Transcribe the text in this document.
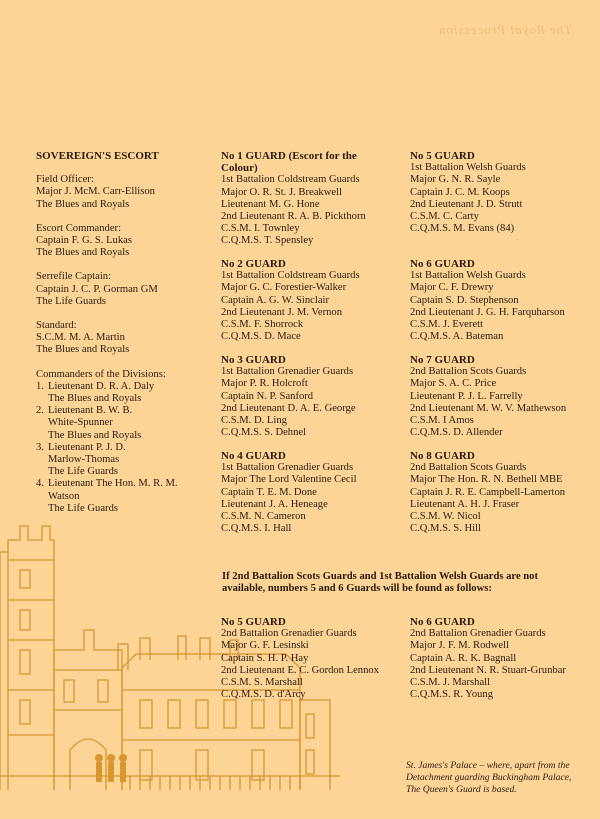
The Royal Procession
SOVEREIGN'S ESCORT
Field Officer:
Major J. McM. Carr-Ellison
The Blues and Royals
Escort Commander:
Captain F. G. S. Lukas
The Blues and Royals
Serrefile Captain:
Captain J. C. P. Gorman GM
The Life Guards
Standard:
S.C.M. M. A. Martin
The Blues and Royals
Commanders of the Divisions:
1. Lieutenant D. R. A. Daly
The Blues and Royals
2. Lieutenant B. W. B.
White-Spunner
The Blues and Royals
3. Lieutenant P. J. D.
Marlow-Thomas
The Life Guards
4. Lieutenant The Hon. M. R. M.
Watson
The Life Guards
No 1 GUARD (Escort for the
Colour)
1st Battalion Coldstream Guards
Major O. R. St. J. Breakwell
Lieutenant M. G. Hone
2nd Lieutenant R. A. B. Pickthorn
C.S.M. I. Townley
C.Q.M.S. T. Spensley
No 2 GUARD
1st Battalion Coldstream Guards
Major G. C. Forestier-Walker
Captain A. G. W. Sinclair
2nd Lieutenant J. M. Vernon
C.S.M. F. Shorrock
C.Q.M.S. D. Mace
No 3 GUARD
1st Battalion Grenadier Guards
Major P. R. Holcroft
Captain N. P. Sanford
2nd Lieutenant D. A. E. George
C.S.M. D. Ling
C.Q.M.S. S. Dehnel
No 4 GUARD
1st Battalion Grenadier Guards
Major The Lord Valentine Cecil
Captain T. E. M. Done
Lieutenant J. A. Heneage
C.S.M. N. Cameron
C.Q.M.S. I. Hall
No 5 GUARD
1st Battalion Welsh Guards
Major G. N. R. Sayle
Captain J. C. M. Koops
2nd Lieutenant J. D. Strutt
C.S.M. C. Carty
C.Q.M.S. M. Evans (84)
No 6 GUARD
1st Battalion Welsh Guards
Major C. F. Drewry
Captain S. D. Stephenson
2nd Lieutenant J. G. H. Farquharson
C.S.M. J. Everett
C.Q.M.S. A. Bateman
No 7 GUARD
2nd Battalion Scots Guards
Major S. A. C. Price
Lieutenant P. J. L. Farrelly
2nd Lieutenant M. W. V. Mathewson
C.S.M. I Amos
C.Q.M.S. D. Allender
No 8 GUARD
2nd Battalion Scots Guards
Major The Hon. R. N. Bethell MBE
Captain J. R. E. Campbell-Lamerton
Lieutenant A. H. J. Fraser
C.S.M. W. Nicol
C.Q.M.S. S. Hill
If 2nd Battalion Scots Guards and 1st Battalion Welsh Guards are not available, numbers 5 and 6 Guards will be found as follows:
No 5 GUARD
2nd Battalion Grenadier Guards
Major G. F. Lesinski
Captain S. H. P. Hay
2nd Lieutenant E. C. Gordon Lennox
C.S.M. S. Marshall
C.Q.M.S. D. d'Arcy
No 6 GUARD
2nd Battalion Grenadier Guards
Major J. F. M. Rodwell
Captain A. R. K. Bagnall
2nd Lieutenant N. R. Stuart-Grunbar
C.S.M. J. Marshall
C.Q.M.S. R. Young
St. James's Palace – where, apart from the Detachment guarding Buckingham Palace, The Queen's Guard is based.
